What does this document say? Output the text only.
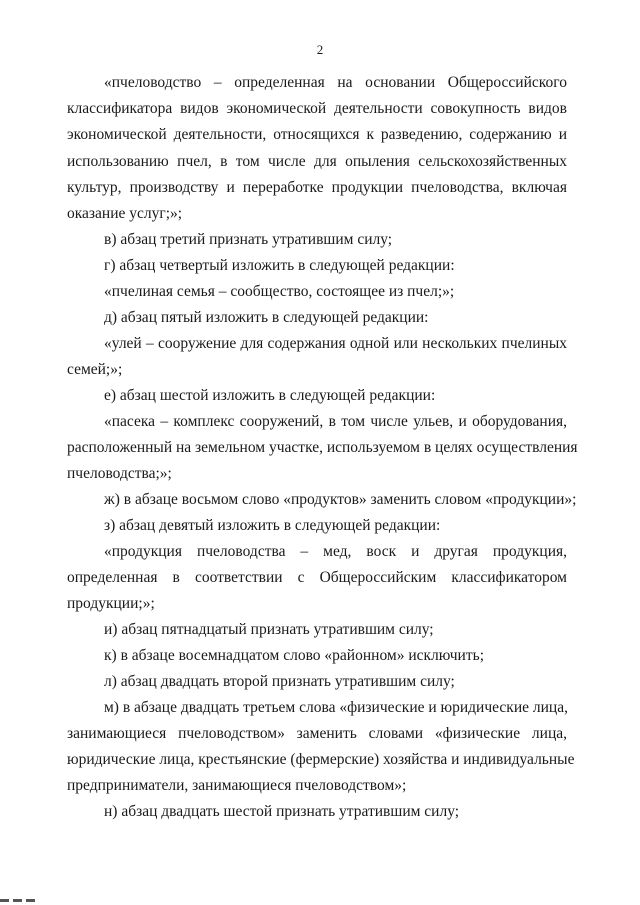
2
«пчеловодство – определенная на основании Общероссийского
классификатора видов экономической деятельности совокупность видов
экономической деятельности, относящихся к разведению, содержанию и
использованию пчел, в том числе для опыления сельскохозяйственных
культур, производству и переработке продукции пчеловодства, включая
оказание услуг;»;
в) абзац третий признать утратившим силу;
г) абзац четвертый изложить в следующей редакции:
«пчелиная семья – сообщество, состоящее из пчел;»;
д) абзац пятый изложить в следующей редакции:
«улей – сооружение для содержания одной или нескольких пчелиных
семей;»;
е) абзац шестой изложить в следующей редакции:
«пасека – комплекс сооружений, в том числе ульев, и оборудования,
расположенный на земельном участке, используемом в целях осуществления
пчеловодства;»;
ж) в абзаце восьмом слово «продуктов» заменить словом «продукции»;
з) абзац девятый изложить в следующей редакции:
«продукция пчеловодства – мед, воск и другая продукция,
определенная в соответствии с Общероссийским классификатором
продукции;»;
и) абзац пятнадцатый признать утратившим силу;
к) в абзаце восемнадцатом слово «районном» исключить;
л) абзац двадцать второй признать утратившим силу;
м) в абзаце двадцать третьем слова «физические и юридические лица,
занимающиеся пчеловодством» заменить словами «физические лица,
юридические лица, крестьянские (фермерские) хозяйства и индивидуальные
предприниматели, занимающиеся пчеловодством»;
н) абзац двадцать шестой признать утратившим силу;
